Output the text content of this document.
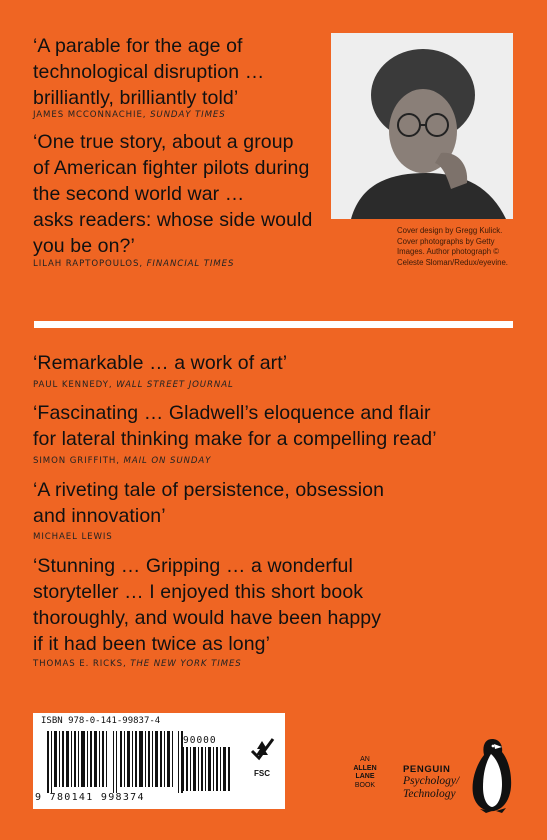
‘A parable for the age of
technological disruption …
brilliantly, brilliantly told’
JAMES MCCONNACHIE, SUNDAY TIMES
‘One true story, about a group
of American fighter pilots during
the second world war …
asks readers: whose side would
you be on?’
LILAH RAPTOPOULOS, FINANCIAL TIMES
Cover design by Gregg Kulick. Cover photographs by Getty Images. Author photograph © Celeste Sloman/Redux/eyevine.
‘Remarkable … a work of art’
PAUL KENNEDY, WALL STREET JOURNAL
‘Fascinating … Gladwell’s eloquence and flair
for lateral thinking make for a compelling read’
SIMON GRIFFITH, MAIL ON SUNDAY
‘A riveting tale of persistence, obsession
and innovation’
MICHAEL LEWIS
‘Stunning … Gripping … a wonderful
storyteller … I enjoyed this short book
thoroughly, and would have been happy
if it had been twice as long’
THOMAS E. RICKS, THE NEW YORK TIMES
ISBN 978-0-141-99837-4
90000
FSC
9 780141 998374
AN
ALLEN
LANE
BOOK
PENGUIN
Psychology/
Technology
